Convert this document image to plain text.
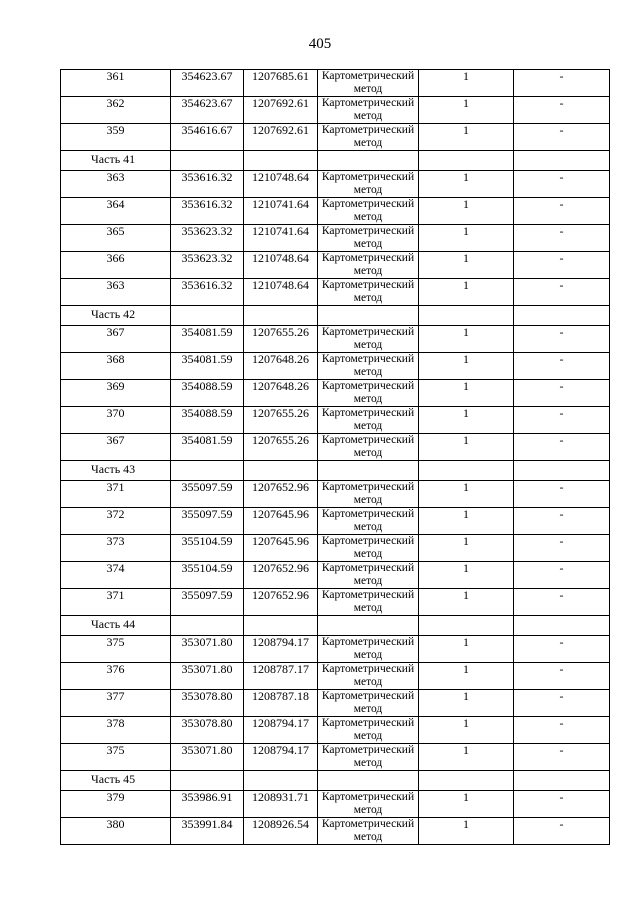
405
361	354623.67	1207685.61	Картометрический метод	1	-
362	354623.67	1207692.61	Картометрический метод	1	-
359	354616.67	1207692.61	Картометрический метод	1	-
Часть 41					
363	353616.32	1210748.64	Картометрический метод	1	-
364	353616.32	1210741.64	Картометрический метод	1	-
365	353623.32	1210741.64	Картометрический метод	1	-
366	353623.32	1210748.64	Картометрический метод	1	-
363	353616.32	1210748.64	Картометрический метод	1	-
Часть 42					
367	354081.59	1207655.26	Картометрический метод	1	-
368	354081.59	1207648.26	Картометрический метод	1	-
369	354088.59	1207648.26	Картометрический метод	1	-
370	354088.59	1207655.26	Картометрический метод	1	-
367	354081.59	1207655.26	Картометрический метод	1	-
Часть 43					
371	355097.59	1207652.96	Картометрический метод	1	-
372	355097.59	1207645.96	Картометрический метод	1	-
373	355104.59	1207645.96	Картометрический метод	1	-
374	355104.59	1207652.96	Картометрический метод	1	-
371	355097.59	1207652.96	Картометрический метод	1	-
Часть 44					
375	353071.80	1208794.17	Картометрический метод	1	-
376	353071.80	1208787.17	Картометрический метод	1	-
377	353078.80	1208787.18	Картометрический метод	1	-
378	353078.80	1208794.17	Картометрический метод	1	-
375	353071.80	1208794.17	Картометрический метод	1	-
Часть 45					
379	353986.91	1208931.71	Картометрический метод	1	-
380	353991.84	1208926.54	Картометрический метод	1	-
